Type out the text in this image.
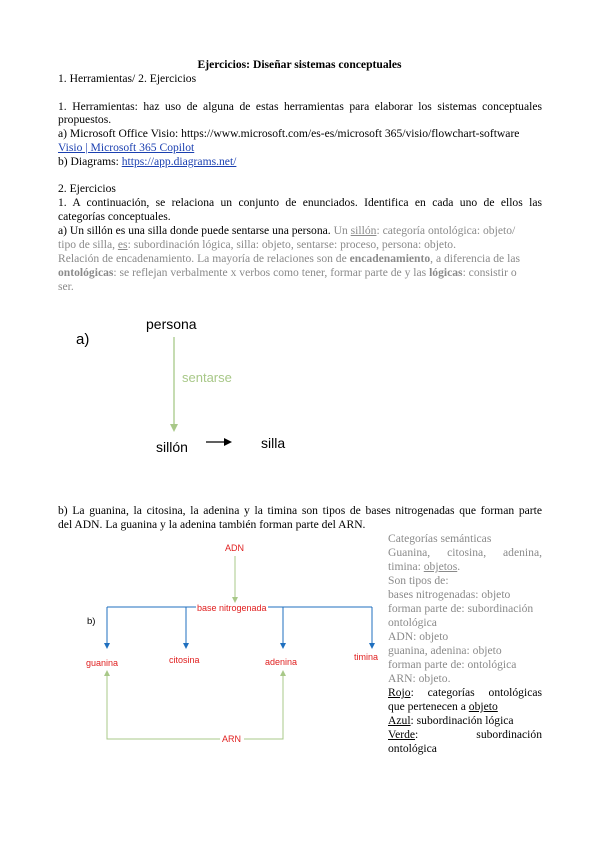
Ejercicios: Diseñar sistemas conceptuales
1. Herramientas/ 2. Ejercicios
1. Herramientas: haz uso de alguna de estas herramientas para elaborar los sistemas conceptuales
propuestos.
a) Microsoft Office Visio: https://www.microsoft.com/es-es/microsoft 365/visio/flowchart-software
Visio | Microsoft 365 Copilot
b) Diagrams: https://app.diagrams.net/
2. Ejercicios
1. A continuación, se relaciona un conjunto de enunciados. Identifica en cada uno de ellos las
categorías conceptuales.
a) Un sillón es una silla donde puede sentarse una persona. Un sillón: categoría ontológica: objeto/
tipo de silla, es: subordinación lógica, silla: objeto, sentarse: proceso, persona: objeto.
Relación de encadenamiento. La mayoría de relaciones son de encadenamiento, a diferencia de las
ontológicas: se reflejan verbalmente x verbos como tener, formar parte de y las lógicas: consistir o
ser.
a)
persona
sentarse
sillón	silla
b) La guanina, la citosina, la adenina y la timina son tipos de bases nitrogenadas que forman parte
del ADN. La guanina y la adenina también forman parte del ARN.
ADN
base nitrogenada
b)
guanina	citosina	adenina	timina
ARN
Categorías semánticas
Guanina, citosina, adenina,
timina: objetos.
Son tipos de:
bases nitrogenadas: objeto
forman parte de: subordinación
ontológica
ADN: objeto
guanina, adenina: objeto
forman parte de: ontológica
ARN: objeto.
Rojo: categorías ontológicas
que pertenecen a objeto
Azul: subordinación lógica
Verde: subordinación
ontológica
